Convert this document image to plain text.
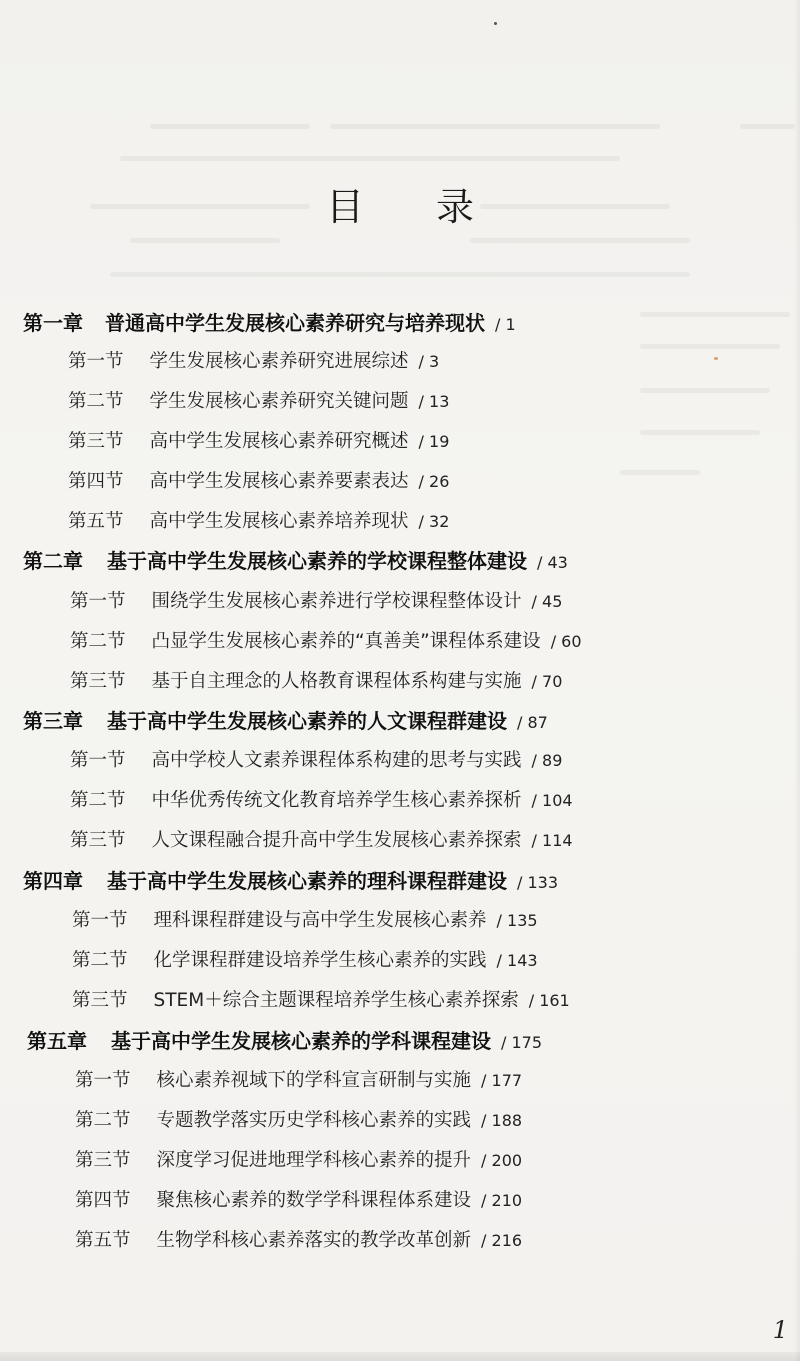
目 录
第一章 普通高中学生发展核心素养研究与培养现状 / 1
第一节 学生发展核心素养研究进展综述 / 3
第二节 学生发展核心素养研究关键问题 / 13
第三节 高中学生发展核心素养研究概述 / 19
第四节 高中学生发展核心素养要素表达 / 26
第五节 高中学生发展核心素养培养现状 / 32
第二章 基于高中学生发展核心素养的学校课程整体建设 / 43
第一节 围绕学生发展核心素养进行学校课程整体设计 / 45
第二节 凸显学生发展核心素养的“真善美”课程体系建设 / 60
第三节 基于自主理念的人格教育课程体系构建与实施 / 70
第三章 基于高中学生发展核心素养的人文课程群建设 / 87
第一节 高中学校人文素养课程体系构建的思考与实践 / 89
第二节 中华优秀传统文化教育培养学生核心素养探析 / 104
第三节 人文课程融合提升高中学生发展核心素养探索 / 114
第四章 基于高中学生发展核心素养的理科课程群建设 / 133
第一节 理科课程群建设与高中学生发展核心素养 / 135
第二节 化学课程群建设培养学生核心素养的实践 / 143
第三节 STEM＋综合主题课程培养学生核心素养探索 / 161
第五章 基于高中学生发展核心素养的学科课程建设 / 175
第一节 核心素养视域下的学科宣言研制与实施 / 177
第二节 专题教学落实历史学科核心素养的实践 / 188
第三节 深度学习促进地理学科核心素养的提升 / 200
第四节 聚焦核心素养的数学学科课程体系建设 / 210
第五节 生物学科核心素养落实的教学改革创新 / 216
1
